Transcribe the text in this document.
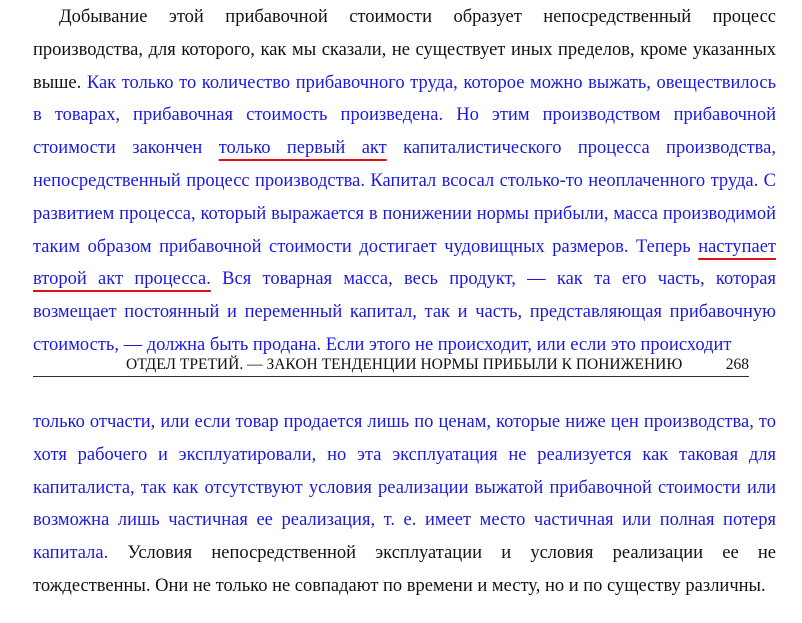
Добывание этой прибавочной стоимости образует непосредственный процесс производства, для которого, как мы сказали, не существует иных пределов, кроме указанных выше. Как только то количество прибавочного труда, которое можно выжать, овеществилось в товарах, прибавочная стоимость произведена. Но этим производством прибавочной стоимости закончен только первый акт капиталистического процесса производства, непосредственный процесс производства. Капитал всосал столько-то неоплаченного труда. С развитием процесса, который выражается в понижении нормы прибыли, масса производимой таким образом прибавочной стоимости достигает чудовищных размеров. Теперь наступает второй акт процесса. Вся товарная масса, весь продукт, — как та его часть, которая возмещает постоянный и переменный капитал, так и часть, представляющая прибавочную стоимость, — должна быть продана. Если этого не происходит, или если это происходит

ОТДЕЛ ТРЕТИЙ. — ЗАКОН ТЕНДЕНЦИИ НОРМЫ ПРИБЫЛИ К ПОНИЖЕНИЮ	268

только отчасти, или если товар продается лишь по ценам, которые ниже цен производства, то хотя рабочего и эксплуатировали, но эта эксплуатация не реализуется как таковая для капиталиста, так как отсутствуют условия реализации выжатой прибавочной стоимости или возможна лишь частичная ее реализация, т. е. имеет место частичная или полная потеря капитала. Условия непосредственной эксплуатации и условия реализации ее не тождественны. Они не только не совпадают по времени и месту, но и по существу различны.
